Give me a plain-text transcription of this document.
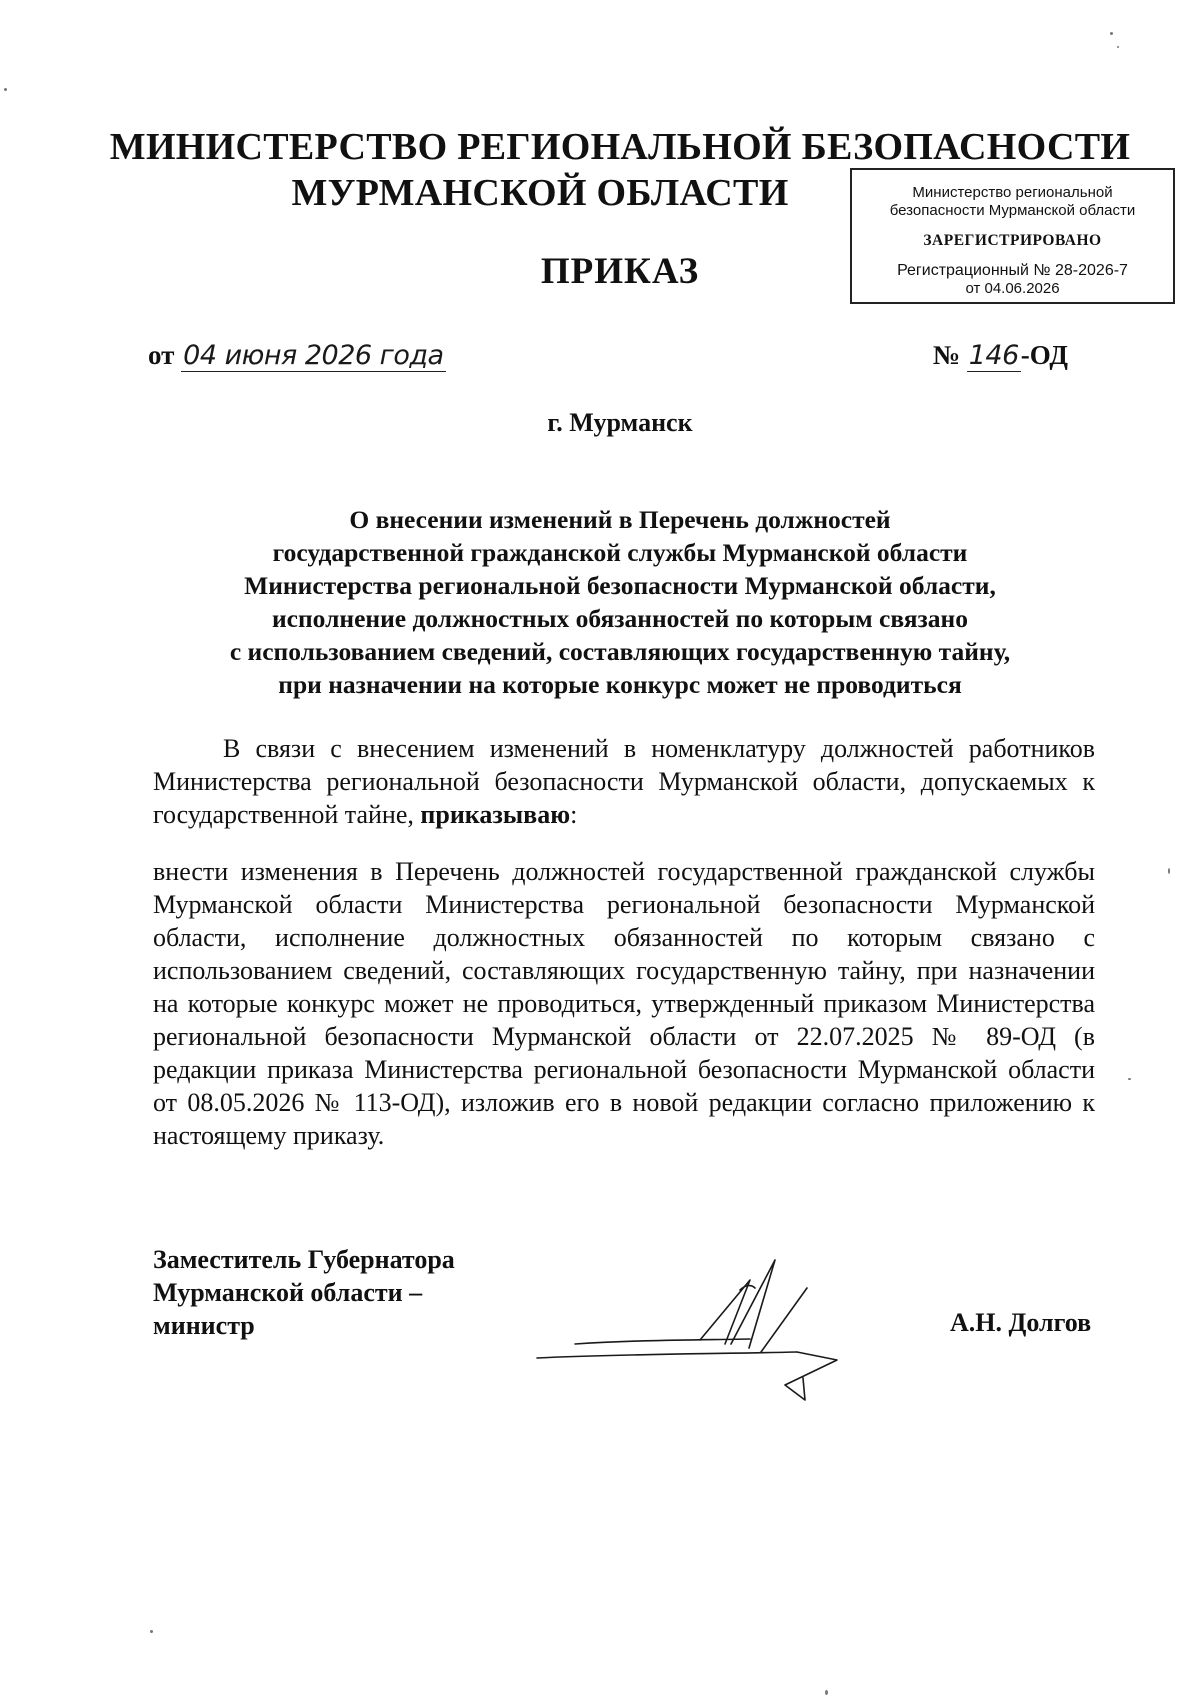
МИНИСТЕРСТВО РЕГИОНАЛЬНОЙ БЕЗОПАСНОСТИ
МУРМАНСКОЙ ОБЛАСТИ	Министерство региональной
безопасности Мурманской области
ЗАРЕГИСТРИРОВАНО
Регистрационный № 28-2026-7
от 04.06.2026
ПРИКАЗ
от 04 июня 2026 года	№ 146-ОД
г. Мурманск
О внесении изменений в Перечень должностей
государственной гражданской службы Мурманской области
Министерства региональной безопасности Мурманской области,
исполнение должностных обязанностей по которым связано
с использованием сведений, составляющих государственную тайну,
при назначении на которые конкурс может не проводиться
В связи с внесением изменений в номенклатуру должностей работников Министерства региональной безопасности Мурманской области, допускаемых к государственной тайне, приказываю:
внести изменения в Перечень должностей государственной гражданской службы Мурманской области Министерства региональной безопасности Мурманской области, исполнение должностных обязанностей по которым связано с использованием сведений, составляющих государственную тайну, при назначении на которые конкурс может не проводиться, утвержденный приказом Министерства региональной безопасности Мурманской области от 22.07.2025 № 89-ОД (в редакции приказа Министерства региональной безопасности Мурманской области от 08.05.2026 № 113-ОД), изложив его в новой редакции согласно приложению к настоящему приказу.
Заместитель Губернатора
Мурманской области –
министр	А.Н. Долгов
